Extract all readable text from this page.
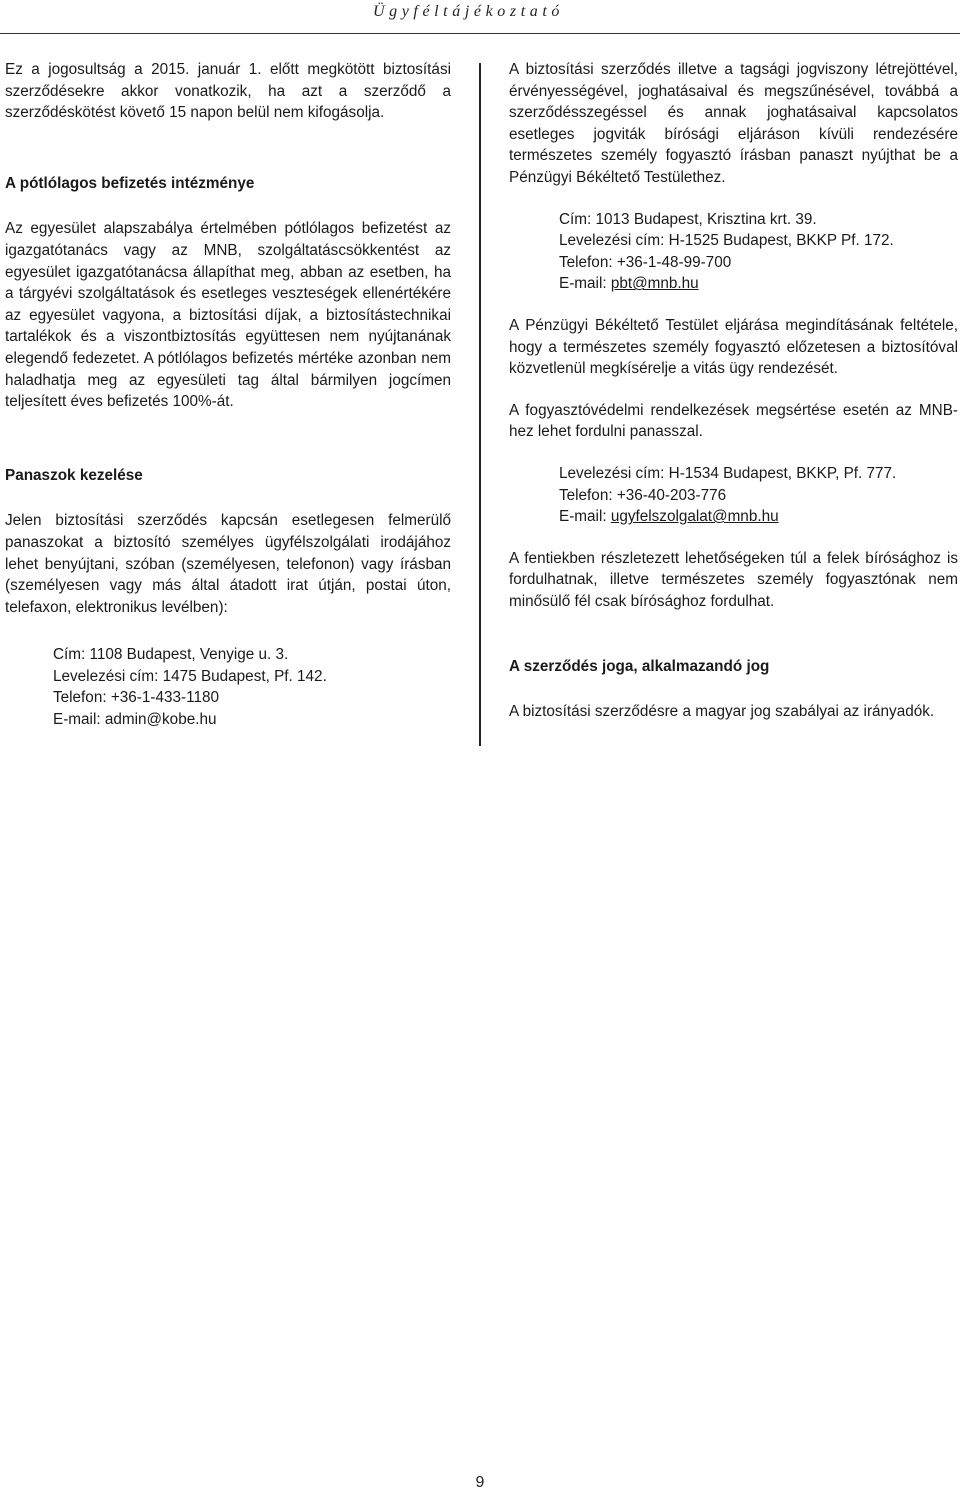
Ügyféltájékoztató

Ez a jogosultság a 2015. január 1. előtt megkötött biztosítási szerződésekre akkor vonatkozik, ha azt a szerződő a szerződéskötést követő 15 napon belül nem kifogásolja.

A pótlólagos befizetés intézménye

Az egyesület alapszabálya értelmében pótlólagos befizetést az igazgatótanács vagy az MNB, szolgáltatáscsökkentést az egyesület igazgatótanácsa állapíthat meg, abban az esetben, ha a tárgyévi szolgáltatások és esetleges veszteségek ellenértékére az egyesület vagyona, a biztosítási díjak, a biztosítástechnikai tartalékok és a viszontbiztosítás együttesen nem nyújtanának elegendő fedezetet. A pótlólagos befizetés mértéke azonban nem haladhatja meg az egyesületi tag által bármilyen jogcímen teljesített éves befizetés 100%-át.

Panaszok kezelése

Jelen biztosítási szerződés kapcsán esetlegesen felmerülő panaszokat a biztosító személyes ügyfélszolgálati irodájához lehet benyújtani, szóban (személyesen, telefonon) vagy írásban (személyesen vagy más által átadott irat útján, postai úton, telefaxon, elektronikus levélben):

Cím: 1108 Budapest, Venyige u. 3.
Levelezési cím: 1475 Budapest, Pf. 142.
Telefon: +36-1-433-1180
E-mail: admin@kobe.hu

A biztosítási szerződés illetve a tagsági jogviszony létrejöttével, érvényességével, joghatásaival és megszűnésével, továbbá a szerződésszegéssel és annak joghatásaival kapcsolatos esetleges jogviták bírósági eljáráson kívüli rendezésére természetes személy fogyasztó írásban panaszt nyújthat be a Pénzügyi Békéltető Testülethez.

Cím: 1013 Budapest, Krisztina krt. 39.
Levelezési cím: H-1525 Budapest, BKKP Pf. 172.
Telefon: +36-1-48-99-700
E-mail: pbt@mnb.hu

A Pénzügyi Békéltető Testület eljárása megindításának feltétele, hogy a természetes személy fogyasztó előzetesen a biztosítóval közvetlenül megkísérelje a vitás ügy rendezését.

A fogyasztóvédelmi rendelkezések megsértése esetén az MNB-hez lehet fordulni panasszal.

Levelezési cím: H-1534 Budapest, BKKP, Pf. 777.
Telefon: +36-40-203-776
E-mail: ugyfelszolgalat@mnb.hu

A fentiekben részletezett lehetőségeken túl a felek bírósághoz is fordulhatnak, illetve természetes személy fogyasztónak nem minősülő fél csak bírósághoz fordulhat.

A szerződés joga, alkalmazandó jog

A biztosítási szerződésre a magyar jog szabályai az irányadók.

9
